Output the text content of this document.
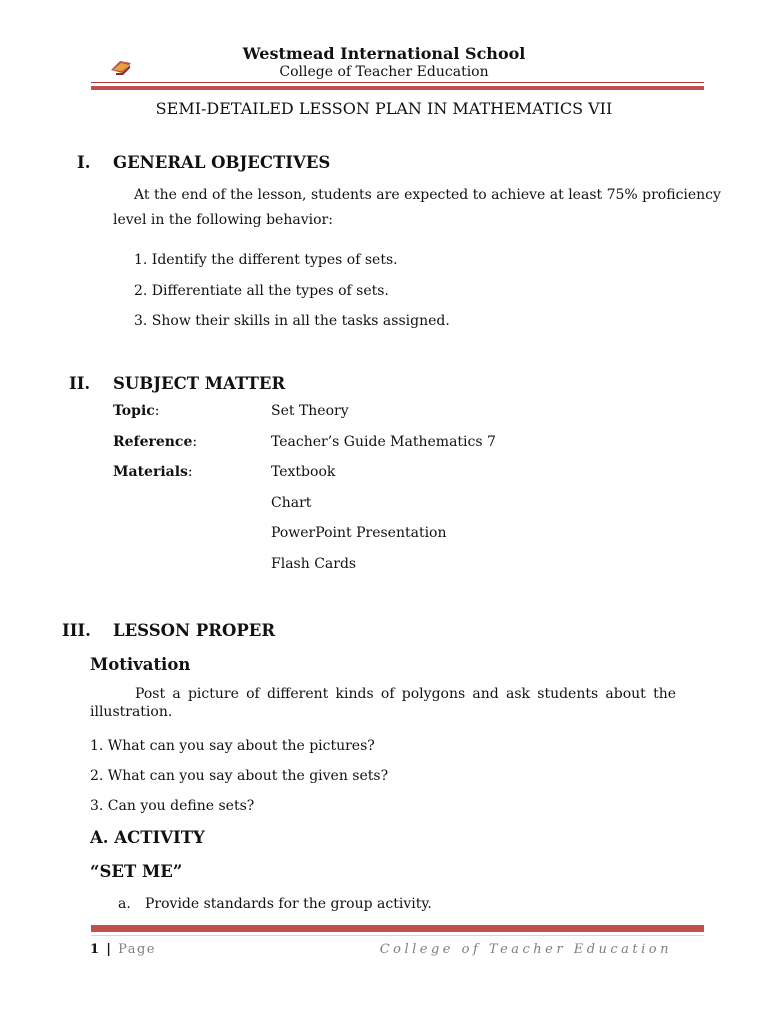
Westmead International School
College of Teacher Education
SEMI-DETAILED LESSON PLAN IN MATHEMATICS VII
I. GENERAL OBJECTIVES
At the end of the lesson, students are expected to achieve at least 75% proficiency
level in the following behavior:
1. Identify the different types of sets.
2. Differentiate all the types of sets.
3. Show their skills in all the tasks assigned.
II. SUBJECT MATTER
Topic:	Set Theory
Reference:	Teacher’s Guide Mathematics 7
Materials:	Textbook
Chart
PowerPoint Presentation
Flash Cards
III. LESSON PROPER
Motivation
Post a picture of different kinds of polygons and ask students about the
illustration.
1. What can you say about the pictures?
2. What can you say about the given sets?
3. Can you define sets?
A. ACTIVITY
“SET ME”
a. Provide standards for the group activity.
1 | Page	College of Teacher Education
